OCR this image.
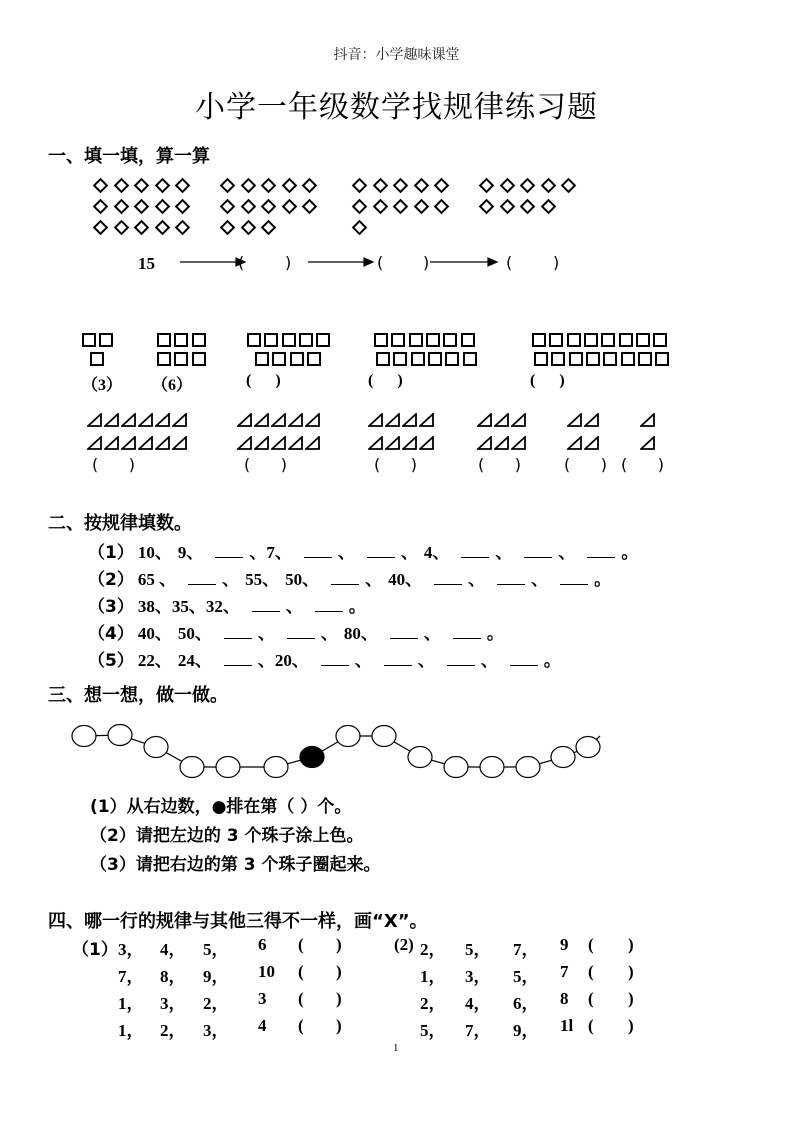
抖音：小学趣味课堂
小学一年级数学找规律练习题
一、填一填，算一算
15	(	)	( )	(	)
（3） （6）	(      )	(      )	(      )
(      )	(      )	(      )	(      )	(      ) (      )
二、按规律填数。
（1） 10、 9、	、7、	、	、 4、	、	、	。
（2） 65 、	、 55、 50、	、 40、	、	、	。
（3） 38、35、32、	、	。
（4） 40、 50、	、	、 80、	、	。
（5） 22、 24、	、20、	、	、	、	。
三、想一想，做一做。
(1）从右边数，●排在第（ ）个。
（2）请把左边的 3 个珠子涂上色。
（3）请把右边的第 3 个珠子圈起来。
四、哪一行的规律与其他三得不一样，画“X”。
（1）	(2)
3， 4， 5， 6 ( )
7， 8， 9， 10 ( )
1， 3， 2， 3 ( )
1， 2， 3， 4 ( )
2， 5， 7， 9 ( )
1， 3， 5， 7 ( )
2， 4， 6， 8 ( )
5， 7， 9， 1l ( )
1
